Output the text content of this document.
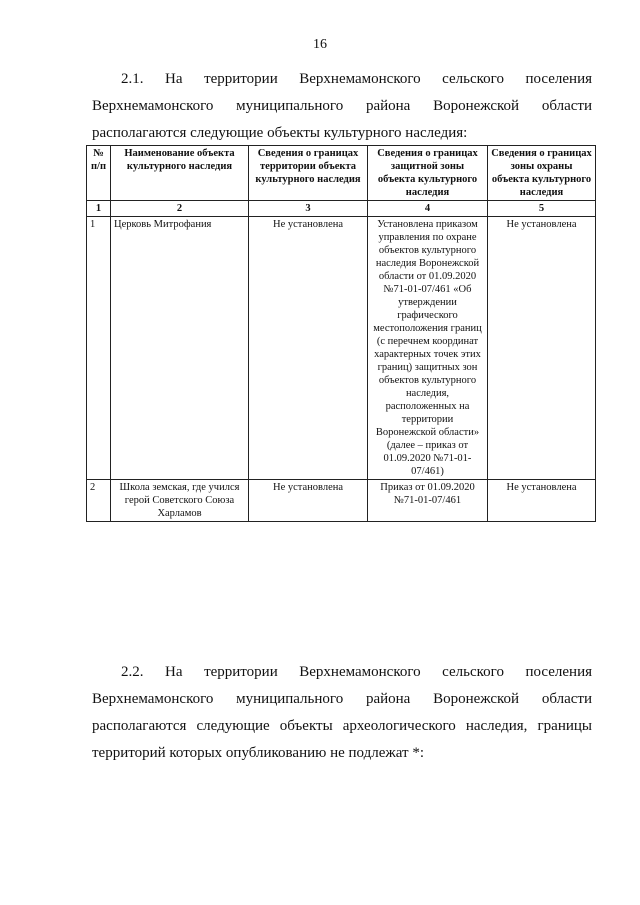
16
2.1. На территории Верхнемамонского сельского поселения
Верхнемамонского муниципального района Воронежской области
располагаются следующие объекты культурного наследия:
№ п/п	Наименование объекта культурного наследия	Сведения о границах территории объекта культурного наследия	Сведения о границах защитной зоны объекта культурного наследия	Сведения о границах зоны охраны объекта культурного наследия
1	2	3	4	5
1	Церковь Митрофания	Не установлена	Установлена приказом управления по охране объектов культурного наследия Воронежской области от 01.09.2020 №71-01-07/461 «Об утверждении графического местоположения границ (с перечнем координат характерных точек этих границ) защитных зон объектов культурного наследия, расположенных на территории Воронежской области» (далее – приказ от 01.09.2020 №71-01-07/461)	Не установлена
2	Школа земская, где учился герой Советского Союза Харламов	Не установлена	Приказ от 01.09.2020 №71-01-07/461	Не установлена
2.2. На территории Верхнемамонского сельского поселения
Верхнемамонского муниципального района Воронежской области
располагаются следующие объекты археологического наследия, границы
территорий которых опубликованию не подлежат *:
